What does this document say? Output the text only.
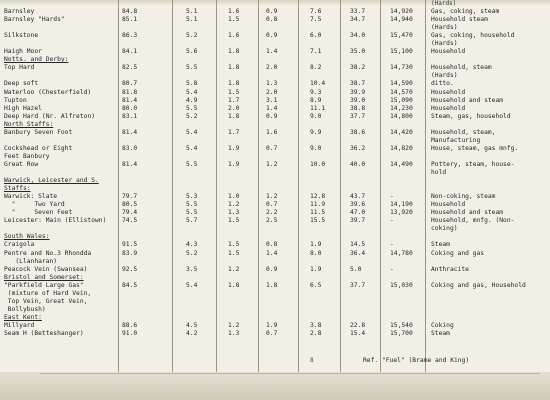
(Hards)
Barnsley	84.8	5.1	1.6	0.9	7.6	33.7	14,920	Gas, coking, steam
Barnsley "Hards"	85.1	5.1	1.5	0.8	7.5	34.7	14,940	Household steam
(Hards)
Silkstone	86.3	5.2	1.6	0.9	6.0	34.0	15,470	Gas, coking, household
(Hards)
Haigh Moor	84.1	5.6	1.8	1.4	7.1	35.0	15,100	Household
Notts. and Derby:
Top Hard	82.5	5.5	1.8	2.0	8.2	38.2	14,730	Household, steam
(Hards)
Deep soft	80.7	5.8	1.8	1.3	10.4	38.7	14,590	ditto.
Waterloo (Chesterfield)	81.8	5.4	1.5	2.0	9.3	39.9	14,570	Household
Tupton	81.4	4.9	1.7	3.1	8.9	39.0	15,090	Household and steam
High Hazel	80.0	5.5	2.0	1.4	11.1	38.8	14,230	Household
Deep Hard (Nr. Alfreton)	83.1	5.2	1.8	0.9	9.0	37.7	14,800	Steam, gas, household
North Staffs:
Banbury Seven Foot	81.4	5.4	1.7	1.6	9.9	38.6	14,420	Household, steam,
Manufacturing
Cockshead or Eight	83.0	5.4	1.9	0.7	9.0	36.2	14,820	House, steam, gas mnfg.
Feet Banbury
Great Row	81.4	5.5	1.9	1.2	10.0	40.0	14,490	Pottery, steam, house-
hold
Warwick, Leicester and S.
Staffs:
Warwick: Slate	79.7	5.3	1.0	1.2	12.8	43.7	-	Non-coking, steam
"     Two Yard	80.5	5.5	1.2	0.7	11.9	39.6	14,190	Household
"     Seven Feet	79.4	5.5	1.3	2.2	11.5	47.0	13,920	Household and steam
Leicester: Main (Ellistown) 74.5	5.7	1.5	2.5	15.5	39.7	-	Household, mnfg. (Non-
coking)
South Wales:
Craigola	91.5	4.3	1.5	0.8	1.9	14.5	-	Steam
Pentre and No.3 Rhondda	83.9	5.2	1.5	1.4	8.0	36.4	14,780	Coking and gas
(Llanharan)
Peacock Vein (Swansea)	92.5	3.5	1.2	0.9	1.9	5.0	-	Anthracite
Bristol and Somerset:
"Parkfield Large Gas"	84.5	5.4	1.8	1.8	6.5	37.7	15,030	Coking and gas, Household
(mixture of Hard Vein,
Top Vein, Great Vein,
Bollybush)
East Kent:
Millyard	88.6	4.5	1.2	1.9	3.8	22.8	15,540	Coking
Seam H (Betteshanger)	91.0	4.2	1.3	0.7	2.8	15.4	15,700	Steam
8	Ref. "Fuel" (Brame and King)
